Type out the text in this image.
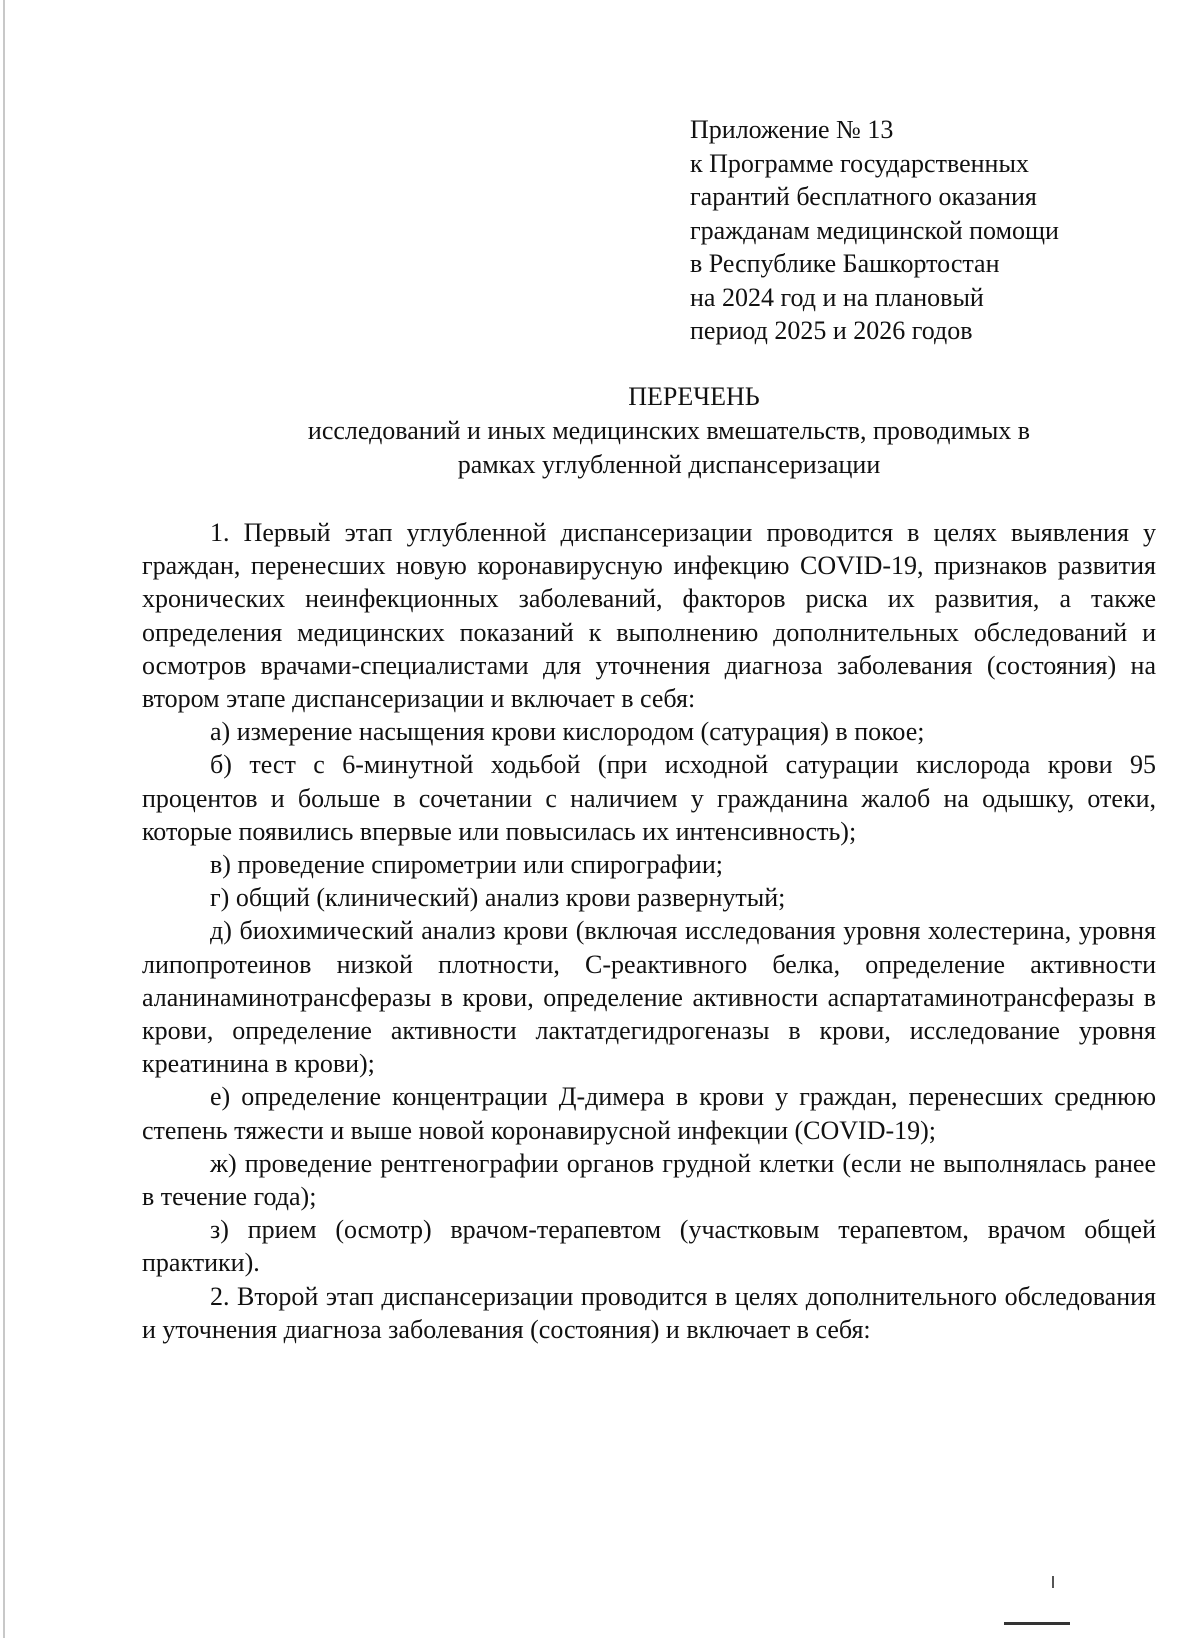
Приложение № 13
к Программе государственных
гарантий бесплатного оказания
гражданам медицинской помощи
в Республике Башкортостан
на 2024 год и на плановый
период 2025 и 2026 годов
ПЕРЕЧЕНЬ
исследований и иных медицинских вмешательств, проводимых в
рамках углубленной диспансеризации

1. Первый этап углубленной диспансеризации проводится в целях выявления у граждан, перенесших новую коронавирусную инфекцию COVID-19, признаков развития хронических неинфекционных заболеваний, факторов риска их развития, а также определения медицинских показаний к выполнению дополнительных обследований и осмотров врачами-специалистами для уточнения диагноза заболевания (состояния) на втором этапе диспансеризации и включает в себя:

а) измерение насыщения крови кислородом (сатурация) в покое;

б) тест с 6-минутной ходьбой (при исходной сатурации кислорода крови 95 процентов и больше в сочетании с наличием у гражданина жалоб на одышку, отеки, которые появились впервые или повысилась их интенсивность);

в) проведение спирометрии или спирографии;

г) общий (клинический) анализ крови развернутый;

д) биохимический анализ крови (включая исследования уровня холестерина, уровня липопротеинов низкой плотности, С-реактивного белка, определение активности аланинаминотрансферазы в крови, определение активности аспартатаминотрансферазы в крови, определение активности лактатдегидрогеназы в крови, исследование уровня креатинина в крови);

е) определение концентрации Д-димера в крови у граждан, перенесших среднюю степень тяжести и выше новой коронавирусной инфекции (COVID-19);

ж) проведение рентгенографии органов грудной клетки (если не выполнялась ранее в течение года);

з) прием (осмотр) врачом-терапевтом (участковым терапевтом, врачом общей практики).

2. Второй этап диспансеризации проводится в целях дополнительного обследования и уточнения диагноза заболевания (состояния) и включает в себя:
